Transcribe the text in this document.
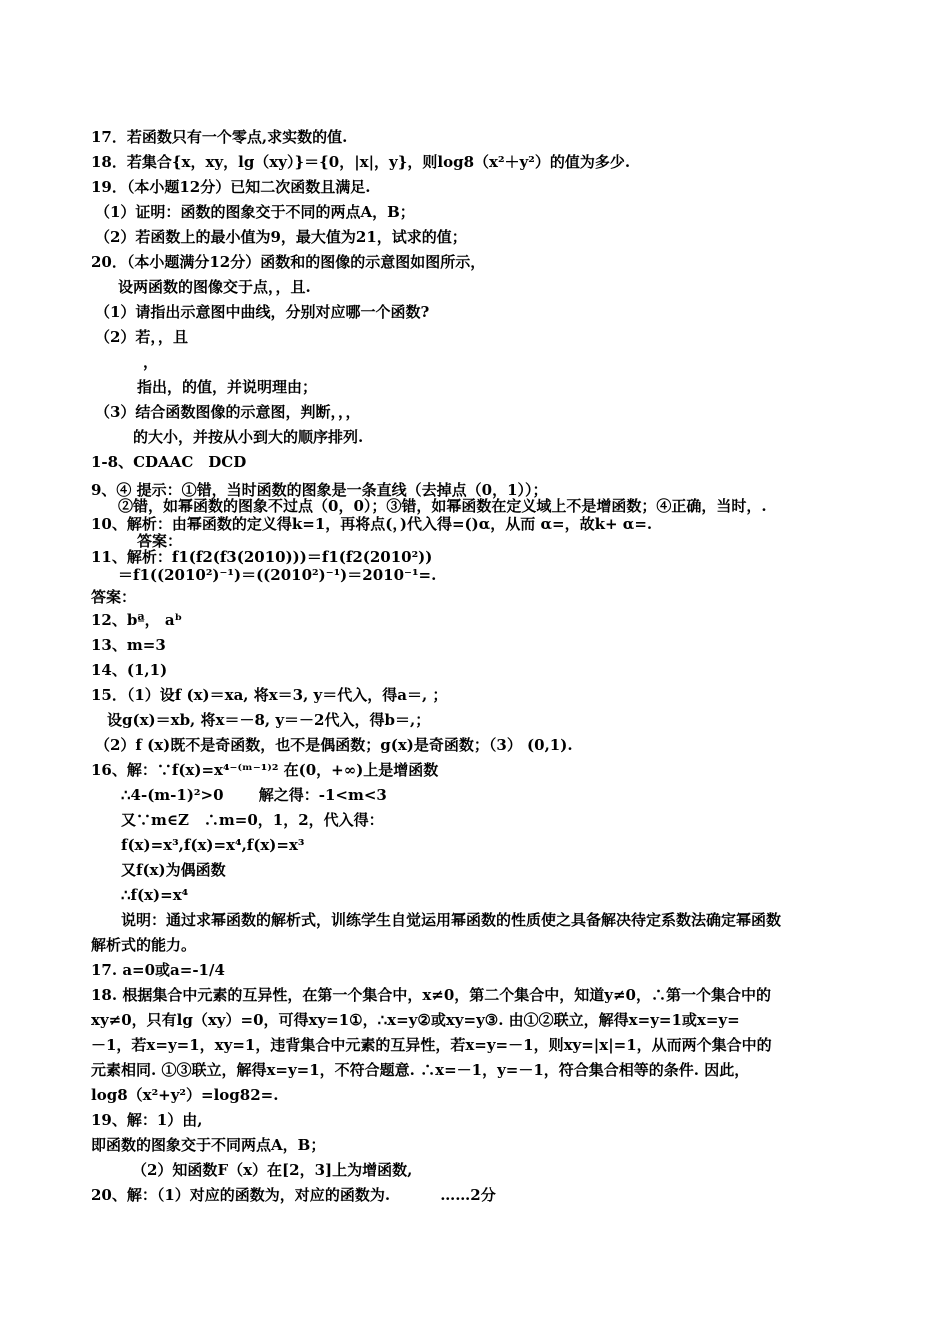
17．若函数只有一个零点,求实数的值.
18．若集合{x，xy，lg（xy）}＝{0，|x|，y}，则log8（x²＋y²）的值为多少.
19．（本小题12分）已知二次函数且满足.
（1）证明：函数的图象交于不同的两点A，B；
（2）若函数上的最小值为9，最大值为21，试求的值；
20．（本小题满分12分）函数和的图像的示意图如图所示，
设两函数的图像交于点，，且.
（1）请指出示意图中曲线，分别对应哪一个函数?
（2）若，，且
，
指出，的值，并说明理由；
（3）结合函数图像的示意图，判断，，，
的大小，并按从小到大的顺序排列.
1-8、CDAAC　DCD
9、④ 提示：①错，当时函数的图象是一条直线（去掉点（0，1））；
②错，如幂函数的图象不过点（0，0）；③错，如幂函数在定义域上不是增函数；④正确，当时，.
10、解析：由幂函数的定义得k=1，再将点(，)代入得=()α，从而 α=，故k+ α=.
答案：
11、解析：f1(f2(f3(2010)))＝f1(f2(2010²))
＝f1((2010²)⁻¹)＝((2010²)⁻¹)＝2010⁻¹=.
答案：
12、bª， aᵇ
13、m=3
14、(1,1)
15．（1）设f (x)＝xa, 将x＝3, y＝代入，得a＝, ；
设g(x)＝xb, 将x＝－8, y＝－2代入，得b＝,；
（2）f (x)既不是奇函数，也不是偶函数；g(x)是奇函数；（3） (0,1).
16、解：∵f(x)=x⁴⁻⁽ᵐ⁻¹⁾² 在(0，+∞)上是增函数
∴4-(m-1)²>0　　 解之得：-1<m<3
又∵m∈Z　∴m=0，1，2，代入得：
f(x)=x³,f(x)=x⁴,f(x)=x³
又f(x)为偶函数
∴f(x)=x⁴
说明：通过求幂函数的解析式，训练学生自觉运用幂函数的性质使之具备解决待定系数法确定幂函数
解析式的能力。
17. a=0或a=-1/4
18. 根据集合中元素的互异性，在第一个集合中，x≠0，第二个集合中，知道y≠0，∴第一个集合中的
xy≠0，只有lg（xy）=0，可得xy=1①，∴x=y②或xy=y③. 由①②联立，解得x=y=1或x=y=
－1，若x=y=1，xy=1，违背集合中元素的互异性，若x=y=－1，则xy=|x|=1，从而两个集合中的
元素相同. ①③联立，解得x=y=1，不符合题意. ∴x=－1，y=－1，符合集合相等的条件. 因此，
log8（x²+y²）=log82=.
19、解：1）由,
即函数的图象交于不同两点A，B；
（2）知函数F（x）在[2，3]上为增函数,
20、解：（1）对应的函数为，对应的函数为.　　　 ……2分
